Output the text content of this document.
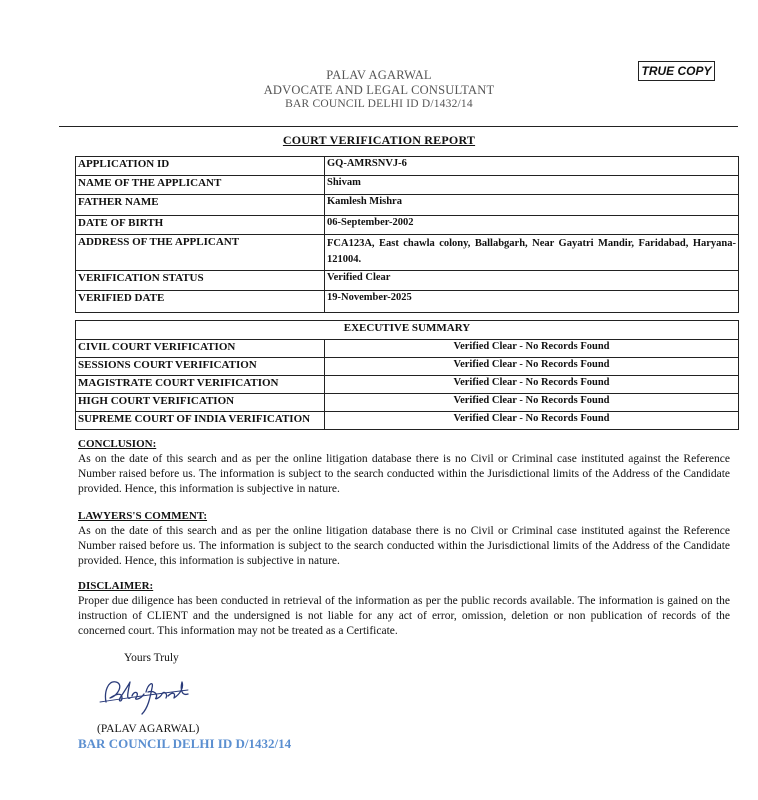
TRUE COPY
PALAV AGARWAL
ADVOCATE AND LEGAL CONSULTANT
BAR COUNCIL DELHI ID D/1432/14
COURT VERIFICATION REPORT
APPLICATION ID	GQ-AMRSNVJ-6
NAME OF THE APPLICANT	Shivam
FATHER NAME	Kamlesh Mishra
DATE OF BIRTH	06-September-2002
ADDRESS OF THE APPLICANT	FCA123A, East chawla colony, Ballabgarh, Near Gayatri Mandir, Faridabad, Haryana-121004.
VERIFICATION STATUS	Verified Clear
VERIFIED DATE	19-November-2025
EXECUTIVE SUMMARY	
CIVIL COURT VERIFICATION	Verified Clear - No Records Found
SESSIONS COURT VERIFICATION	Verified Clear - No Records Found
MAGISTRATE COURT VERIFICATION	Verified Clear - No Records Found
HIGH COURT VERIFICATION	Verified Clear - No Records Found
SUPREME COURT OF INDIA VERIFICATION	Verified Clear - No Records Found
CONCLUSION:

As on the date of this search and as per the online litigation database there is no Civil or Criminal case instituted against the Reference Number raised before us. The information is subject to the search conducted within the Jurisdictional limits of the Address of the Candidate provided. Hence, this information is subjective in nature.

LAWYERS'S COMMENT:

As on the date of this search and as per the online litigation database there is no Civil or Criminal case instituted against the Reference Number raised before us. The information is subject to the search conducted within the Jurisdictional limits of the Address of the Candidate provided. Hence, this information is subjective in nature.

DISCLAIMER:

Proper due diligence has been conducted in retrieval of the information as per the public records available. The information is gained on the instruction of CLIENT and the undersigned is not liable for any act of error, omission, deletion or non publication of records of the concerned court. This information may not be treated as a Certificate.

Yours Truly
(PALAV AGARWAL)
BAR COUNCIL DELHI ID D/1432/14
